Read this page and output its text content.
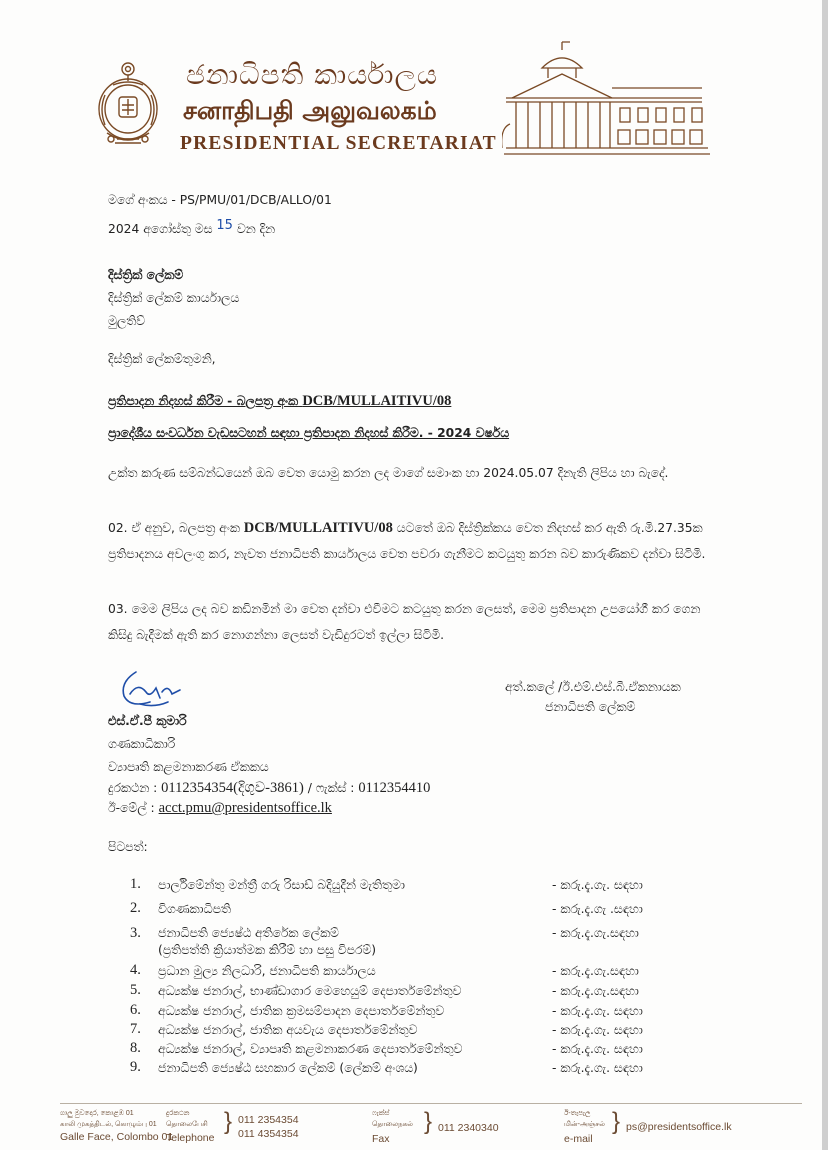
ජනාධිපති කාර්යාලය
சனாதிபதி அலுவலகம்
PRESIDENTIAL SECRETARIAT
මගේ අංකය - PS/PMU/01/DCB/ALLO/01
2024 අගෝස්තු මස 15 වන දින
දිස්ත්‍රික් ලේකම්
දිස්ත්‍රික් ලේකම් කාර්යාලය
මුලතිව්
දිස්ත්‍රික් ලේකම්තුමනි,
ප්‍රතිපාදන නිදහස් කිරීම - බලපත්‍ර අංක DCB/MULLAITIVU/08
ප්‍රාදේශීය සංවර්ධන වැඩසටහන් සඳහා ප්‍රතිපාදන නිදහස් කිරීම. - 2024 වර්ෂය
උක්ත කරුණ සම්බන්ධයෙන් ඔබ වෙත යොමු කරන ලද මාගේ සමාංක හා 2024.05.07 දිනැති ලිපිය හා බැදේ.
02. ඒ අනුව, බලපත්‍ර අංක DCB/MULLAITIVU/08 යටතේ ඔබ දිස්ත්‍රික්කය වෙත නිදහස් කර ඇති රු.මි.27.35ක ප්‍රතිපාදනය අවලංගු කර, නැවත ජනාධිපති කාර්යාලය වෙත පවරා ගැනීමට කටයුතු කරන බව කාරුණිකව දන්වා සිටිමි.
03. මෙම ලිපිය ලද බව කඩිනමින් මා වෙත දන්වා එවීමට කටයුතු කරන ලෙසත්, මෙම ප්‍රතිපාදන උපයෝගී කර ගෙන කිසිදු බැදීමක් ඇති කර නොගන්නා ලෙසත් වැඩිදුරටත් ඉල්ලා සිටිමි.
අත්.කලේ /ඊ.එම්.එස්.බී.ඒකනායක
ජනාධිපති ලේකම්
එස්.ඒ.පී කුමාරි
ගණකාධිකාරි
ව්‍යාපෘති කළමනාකරණ ඒකකය
දුරකථන : 0112354354(දිගුව-3861) / ෆැක්ස් : 0112354410
ඊ-මේල් : acct.pmu@presidentsoffice.lk
පිටපත්:
1. පාර්ලිමේන්තු මන්ත්‍රී ගරු රිසාඩ් බදියුදීන් මැතිතුමා	- කරු.දැ.ගැ. සඳහා
2. විගණකාධිපති	- කරු.දැ.ගැ .සඳහා
3. ජනාධිපති ජ්‍යෙෂ්ඨ අතිරේක ලේකම්
(ප්‍රතිපත්ති ක්‍රියාත්මක කිරීම් හා පසු විපරම්)
- කරු.දැ.ගැ.සඳහා
4. ප්‍රධාන මුල්‍ය නිලධාරි, ජනාධිපති කාර්යාලය	- කරු.දැ.ගැ.සඳහා
5. අධ්‍යක්ෂ ජනරාල්, භාණ්ඩාගාර මෙහෙයුම් දෙපාර්තමේන්තුව	- කරු.දැ.ගැ.සඳහා
6. අධ්‍යක්ෂ ජනරාල්, ජාතික ක්‍රමසම්පාදන දෙපාර්තමේන්තුව	- කරු.දැ.ගැ. සඳහා
7. අධ්‍යක්ෂ ජනරාල්, ජාතික අයවැය දෙපාර්තමේන්තුව	- කරු.දැ.ගැ. සඳහා
8. අධ්‍යක්ෂ ජනරාල්, ව්‍යාපෘති කළමනාකරණ දෙපාර්තමේන්තුව	- කරු.දැ.ගැ. සඳහා
9. ජනාධිපති ජ්‍යෙෂ්ඨ සහකාර ලේකම් (ලේකම් අංශය)	- කරු.දැ.ගැ. සඳහා
ගාලු මුවදොර, කොළඹ 01
காலி முகத்திடல், கொழும்பு 01
Galle Face, Colombo 01
දුරකථන
தொலைபேசி
Telephone
} 011 2354354
011 4354354
ෆැක්ස්
தொலைநகல்
Fax
} 011 2340340
ඊ-තැපැල
மின்-அஞ்சல்
e-mail
} ps@presidentsoffice.lk
